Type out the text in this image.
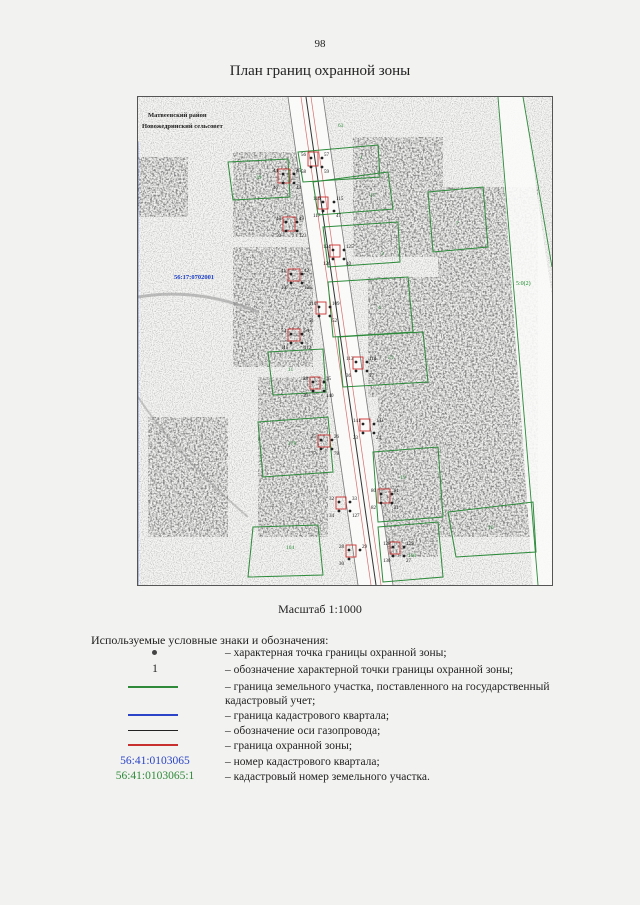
98
План границ охранной зоны
44	45
46	43
56	57
58	59
116	115
117	47
48	49
50	123
124	125
126	40
41	42
107	108
110	109
51	52
53	54
111	112
113	114
36	37
38	35
39	140
141	142
23	24
25	26
77	78
80	81
82	31
32	33
34	127
128	129
130	27
28	29
30
39
1
17
7
3
4
11
21
179
19
10
104
160
63
Матвеевский район
Новожедринский сельсовет
56:17:0702001
5:0(2)
Масштаб 1:1000
Используемые условные знаки и обозначения:
– характерная точка границы охранной зоны;
1	– обозначение характерной точки границы охранной зоны;
– граница земельного участка, поставленного на государственный кадастровый учет;
– граница кадастрового квартала;
– обозначение оси газопровода;
– граница охранной зоны;
56:41:0103065	– номер кадастрового квартала;
56:41:0103065:1	– кадастровый номер земельного участка.
